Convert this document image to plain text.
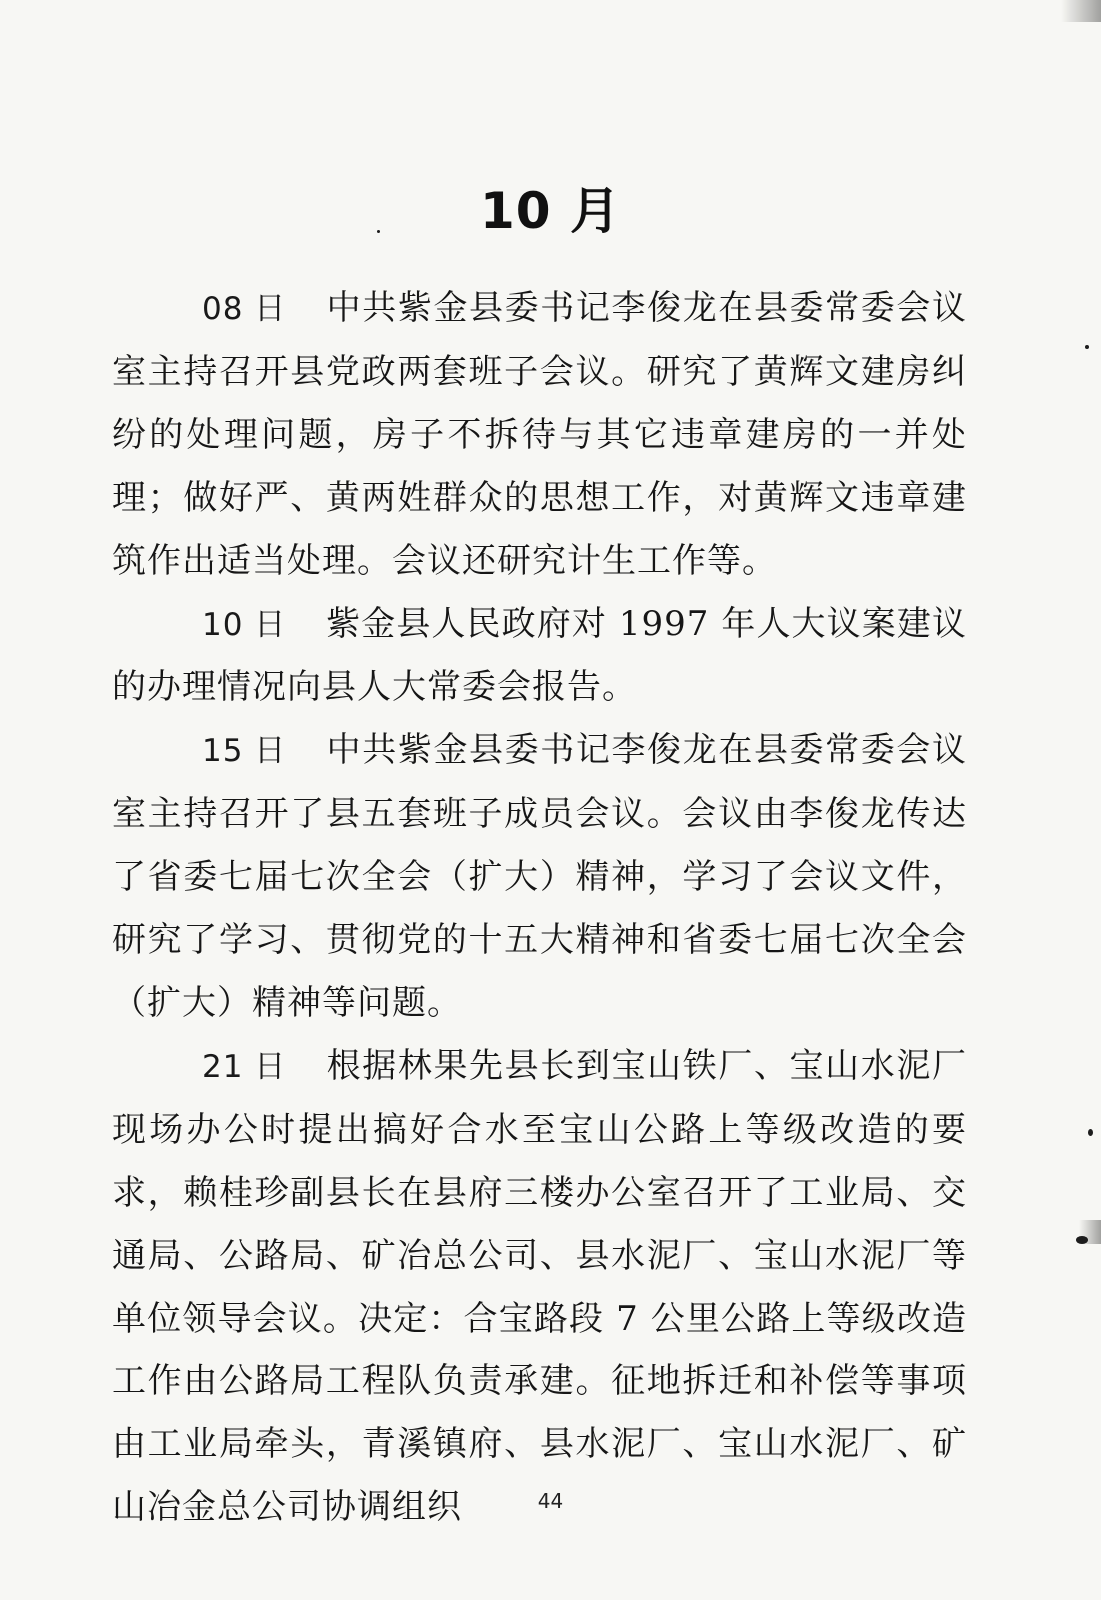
10 月

08 日 中共紫金县委书记李俊龙在县委常委会议室主持召开县党政两套班子会议。研究了黄辉文建房纠纷的处理问题，房子不拆待与其它违章建房的一并处理；做好严、黄两姓群众的思想工作，对黄辉文违章建筑作出适当处理。会议还研究计生工作等。

10 日 紫金县人民政府对 1997 年人大议案建议的办理情况向县人大常委会报告。

15 日 中共紫金县委书记李俊龙在县委常委会议室主持召开了县五套班子成员会议。会议由李俊龙传达了省委七届七次全会（扩大）精神，学习了会议文件，研究了学习、贯彻党的十五大精神和省委七届七次全会（扩大）精神等问题。

21 日 根据林果先县长到宝山铁厂、宝山水泥厂现场办公时提出搞好合水至宝山公路上等级改造的要求，赖桂珍副县长在县府三楼办公室召开了工业局、交通局、公路局、矿冶总公司、县水泥厂、宝山水泥厂等单位领导会议。决定：合宝路段 7 公里公路上等级改造工作由公路局工程队负责承建。征地拆迁和补偿等事项由工业局牵头，青溪镇府、县水泥厂、宝山水泥厂、矿山冶金总公司协调组织	44
